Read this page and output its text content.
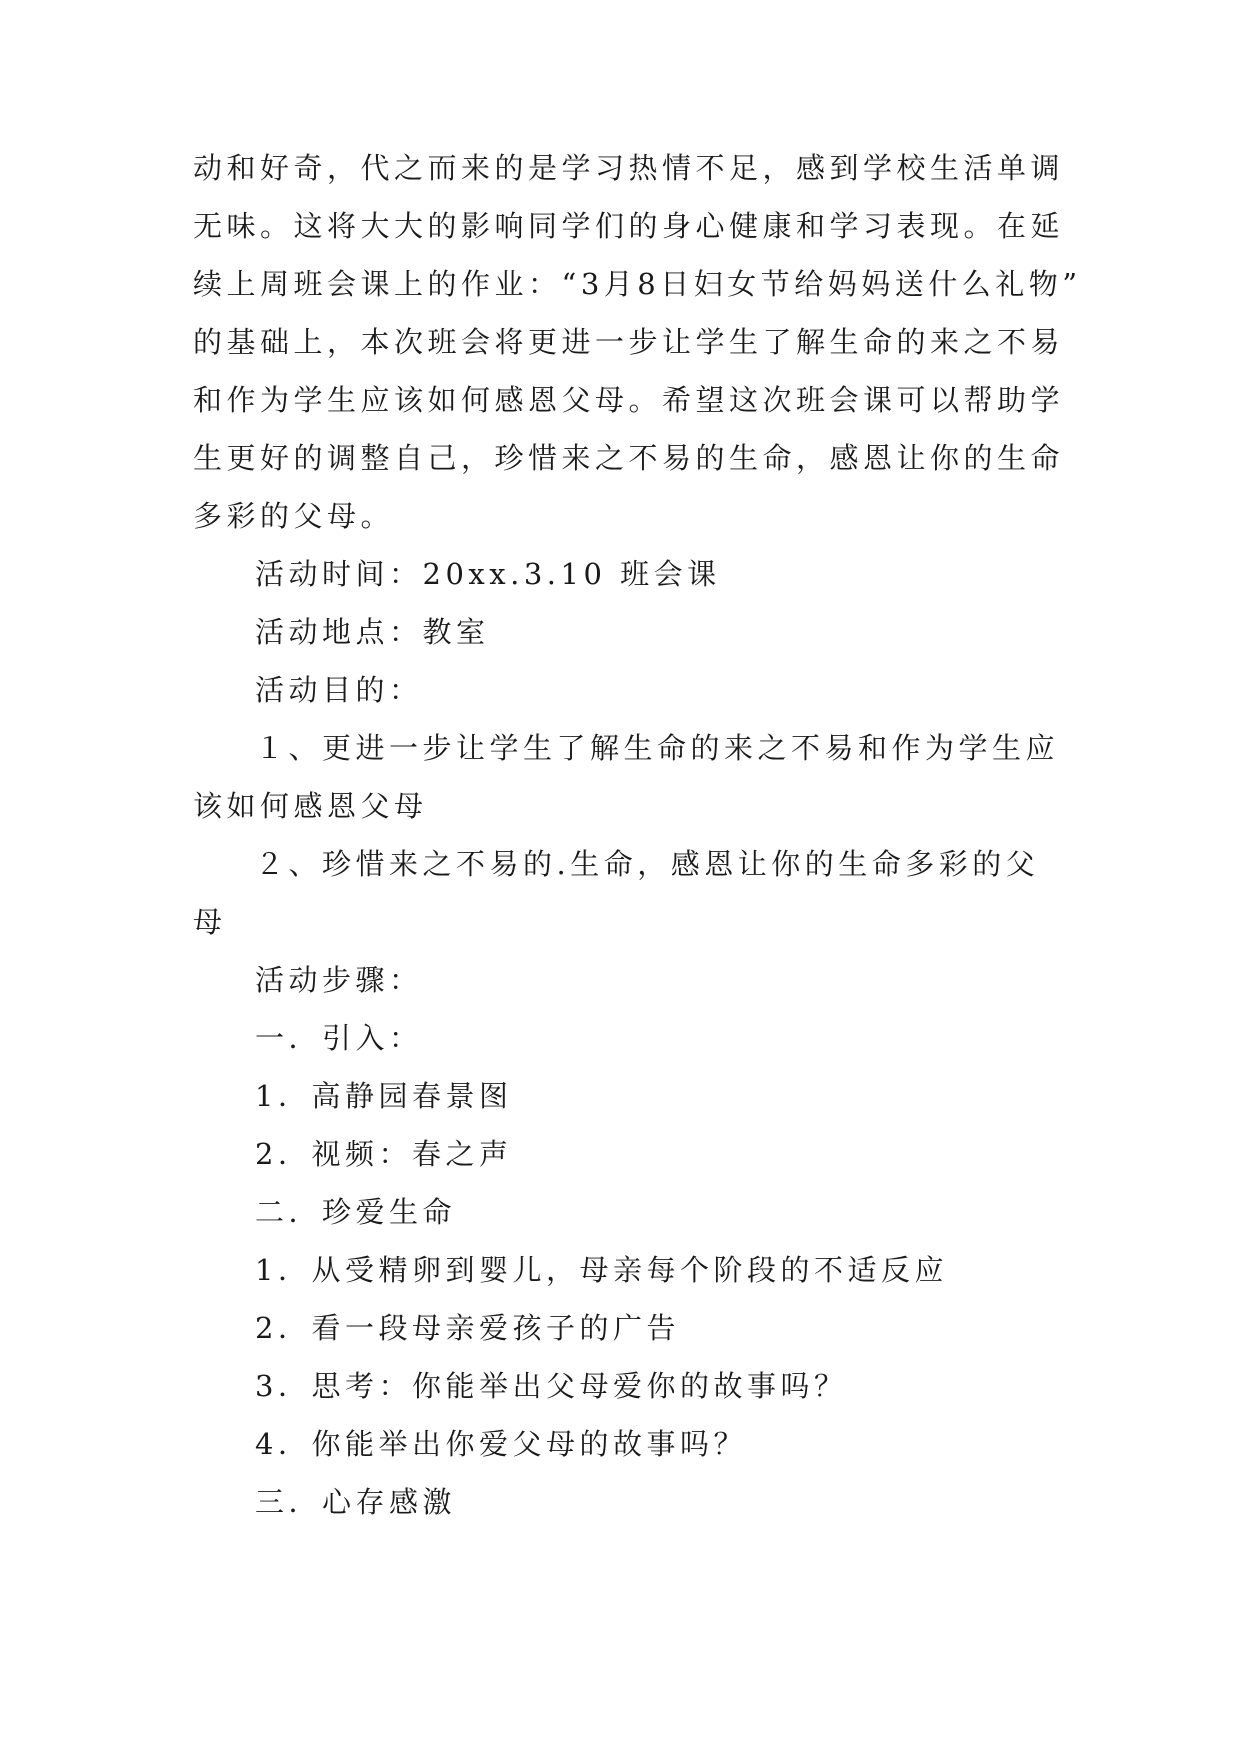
动和好奇，代之而来的是学习热情不足，感到学校生活单调
无味。这将大大的影响同学们的身心健康和学习表现。在延
续上周班会课上的作业：“3月8日妇女节给妈妈送什么礼物”
的基础上，本次班会将更进一步让学生了解生命的来之不易
和作为学生应该如何感恩父母。希望这次班会课可以帮助学
生更好的调整自己，珍惜来之不易的生命，感恩让你的生命
多彩的父母。
活动时间：20xx.3.10 班会课
活动地点：教室
活动目的：
１、更进一步让学生了解生命的来之不易和作为学生应
该如何感恩父母
２、珍惜来之不易的.生命，感恩让你的生命多彩的父
母
活动步骤：
一．引入：
1．高静园春景图
2．视频：春之声
二．珍爱生命
1．从受精卵到婴儿，母亲每个阶段的不适反应
2．看一段母亲爱孩子的广告
3．思考：你能举出父母爱你的故事吗？
4．你能举出你爱父母的故事吗？
三．心存感激
